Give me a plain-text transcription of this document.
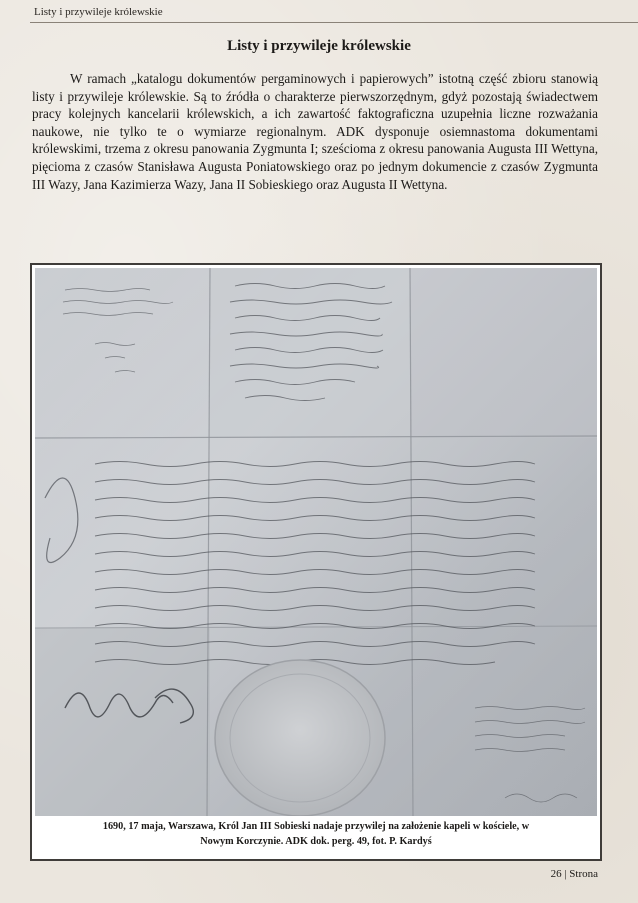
Listy i przywileje królewskie
Listy i przywileje królewskie

W ramach „katalogu dokumentów pergaminowych i papierowych” istotną część zbioru stanowią listy i przywileje królewskie. Są to źródła o charakterze pierwszorzędnym, gdyż pozostają świadectwem pracy kolejnych kancelarii królewskich, a ich zawartość faktograficzna uzupełnia liczne rozważania naukowe, nie tylko te o wymiarze regionalnym. ADK dysponuje osiemnastoma dokumentami królewskimi, trzema z okresu panowania Zygmunta I; sześcioma z okresu panowania Augusta III Wettyna, pięcioma z czasów Stanisława Augusta Poniatowskiego oraz po jednym dokumencie z czasów Zygmunta III Wazy, Jana Kazimierza Wazy, Jana II Sobieskiego oraz Augusta II Wettyna.

1690, 17 maja, Warszawa, Król Jan III Sobieski nadaje przywilej na założenie kapeli w kościele, w
Nowym Korczynie. ADK dok. perg. 49, fot. P. Kardyś
26 | Strona
